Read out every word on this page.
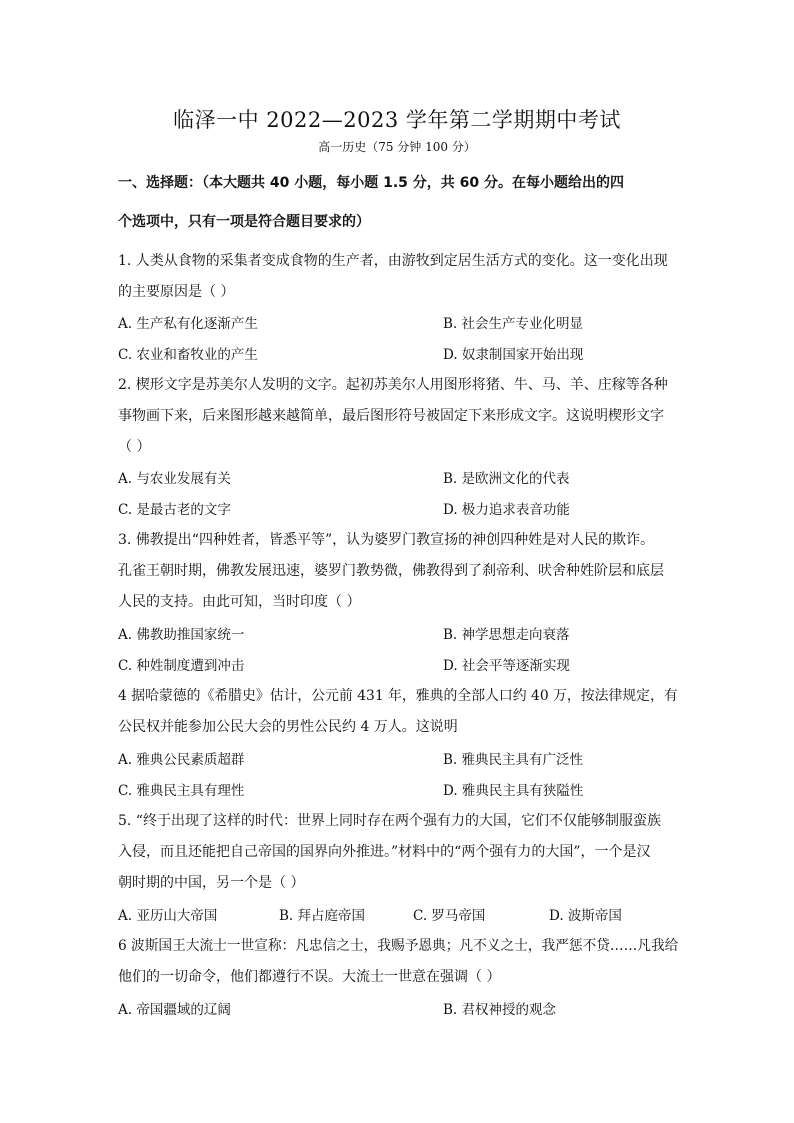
临泽一中 2022—2023 学年第二学期期中考试
高一历史（75 分钟 100 分）
一、选择题：（本大题共 40 小题，每小题 1.5 分，共 60 分。在每小题给出的四
个选项中，只有一项是符合题目要求的）
1. 人类从食物的采集者变成食物的生产者，由游牧到定居生活方式的变化。这一变化出现
的主要原因是（ ）
A. 生产私有化逐渐产生	B. 社会生产专业化明显
C. 农业和畜牧业的产生	D. 奴隶制国家开始出现
2. 楔形文字是苏美尔人发明的文字。起初苏美尔人用图形将猪、牛、马、羊、庄稼等各种
事物画下来，后来图形越来越简单，最后图形符号被固定下来形成文字。这说明楔形文字
（ ）
A. 与农业发展有关	B. 是欧洲文化的代表
C. 是最古老的文字	D. 极力追求表音功能
3. 佛教提出“四种姓者，皆悉平等”，认为婆罗门教宣扬的神创四种姓是对人民的欺诈。
孔雀王朝时期，佛教发展迅速，婆罗门教势微，佛教得到了刹帝利、吠舍种姓阶层和底层
人民的支持。由此可知，当时印度（ ）
A. 佛教助推国家统一	B. 神学思想走向衰落
C. 种姓制度遭到冲击	D. 社会平等逐渐实现
4 据哈蒙德的《希腊史》估计，公元前 431 年，雅典的全部人口约 40 万，按法律规定，有
公民权并能参加公民大会的男性公民约 4 万人。这说明
A. 雅典公民素质超群	B. 雅典民主具有广泛性
C. 雅典民主具有理性	D. 雅典民主具有狭隘性
5. “终于出现了这样的时代：世界上同时存在两个强有力的大国，它们不仅能够制服蛮族
入侵，而且还能把自己帝国的国界向外推进。”材料中的“两个强有力的大国”，一个是汉
朝时期的中国，另一个是（ ）
A. 亚历山大帝国	B. 拜占庭帝国	C. 罗马帝国	D. 波斯帝国
6 波斯国王大流士一世宣称：凡忠信之士，我赐予恩典；凡不义之士，我严惩不贷……凡我给
他们的一切命令，他们都遵行不误。大流士一世意在强调（ ）
A. 帝国疆域的辽阔	B. 君权神授的观念
